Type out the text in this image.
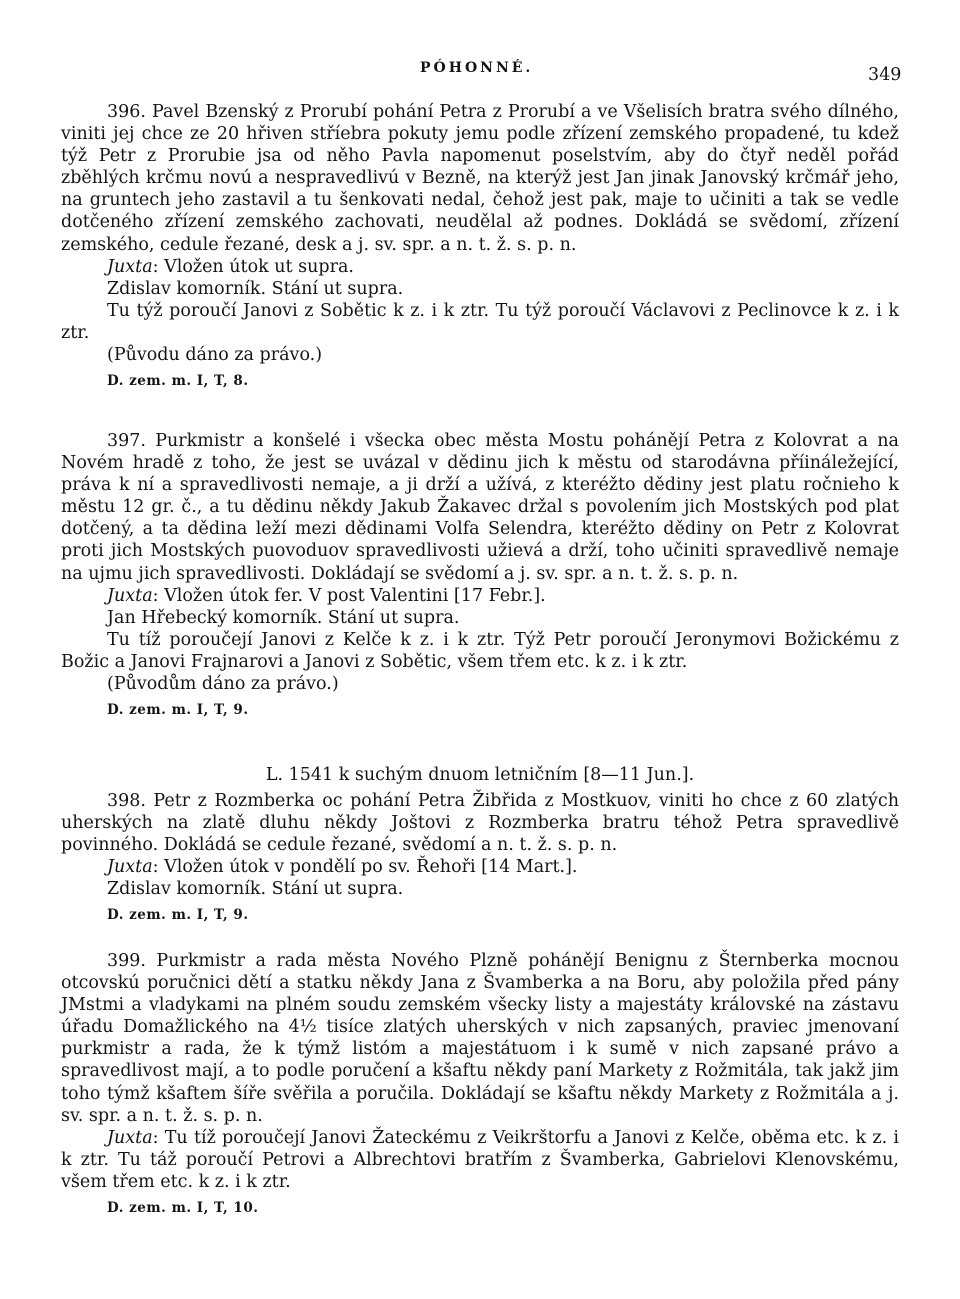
PÓHONNÉ.	349

396. Pavel Bzenský z Prorubí pohání Petra z Prorubí a ve Všelisích bratra svého dílného, viniti jej chce ze 20 hřiven stříebra pokuty jemu podle zřízení zemského propadené, tu kdež týž Petr z Prorubie jsa od něho Pavla napomenut poselstvím, aby do čtyř neděl pořád zběhlých krčmu novú a nespravedlivú v Bezně, na kterýž jest Jan jinak Janovský krčmář jeho, na gruntech jeho zastavil a tu šenkovati nedal, čehož jest pak, maje to učiniti a tak se vedle dotčeného zřízení zemského zachovati, neudělal až podnes. Dokládá se svědomí, zřízení zemského, cedule řezané, desk a j. sv. spr. a n. t. ž. s. p. n.

Juxta: Vložen útok ut supra.

Zdislav komorník. Stání ut supra.

Tu týž poroučí Janovi z Sobětic k z. i k ztr. Tu týž poroučí Václavovi z Peclinovce k z. i k ztr.

(Původu dáno za právo.)

D. zem. m. I, T, 8.

397. Purkmistr a konšelé i všecka obec města Mostu pohánějí Petra z Kolovrat a na Novém hradě z toho, že jest se uvázal v dědinu jich k městu od starodávna příináležející, práva k ní a spravedlivosti nemaje, a ji drží a užívá, z kteréžto dědiny jest platu ročnieho k městu 12 gr. č., a tu dědinu někdy Jakub Žakavec držal s povolením jich Mostských pod plat dotčený, a ta dědina leží mezi dědinami Volfa Selendra, kteréžto dědiny on Petr z Kolovrat proti jich Mostských puovoduov spravedlivosti užievá a drží, toho učiniti spravedlivě nemaje na ujmu jich spravedlivosti. Dokládají se svědomí a j. sv. spr. a n. t. ž. s. p. n.

Juxta: Vložen útok fer. V post Valentini [17 Febr.].

Jan Hřebecký komorník. Stání ut supra.

Tu tíž poroučejí Janovi z Kelče k z. i k ztr. Týž Petr poroučí Jeronymovi Božickému z Božic a Janovi Frajnarovi a Janovi z Sobětic, všem třem etc. k z. i k ztr.

(Původům dáno za právo.)

D. zem. m. I, T, 9.

L. 1541 k suchým dnuom letničním [8—11 Jun.].

398. Petr z Rozmberka oc pohání Petra Žibřida z Mostkuov, viniti ho chce z 60 zlatých uherských na zlatě dluhu někdy Joštovi z Rozmberka bratru téhož Petra spravedlivě povinného. Dokládá se cedule řezané, svědomí a n. t. ž. s. p. n.

Juxta: Vložen útok v pondělí po sv. Řehoři [14 Mart.].

Zdislav komorník. Stání ut supra.

D. zem. m. I, T, 9.

399. Purkmistr a rada města Nového Plzně pohánějí Benignu z Šternberka mocnou otcovskú poručnici dětí a statku někdy Jana z Švamberka a na Boru, aby položila před pány JMstmi a vladykami na plném soudu zemském všecky listy a majestáty královské na zástavu úřadu Domažlického na 4½ tisíce zlatých uherských v nich zapsaných, praviec jmenovaní purkmistr a rada, že k týmž listóm a majestátuom i k sumě v nich zapsané právo a spravedlivost mají, a to podle poručení a kšaftu někdy paní Markety z Rožmitála, tak jakž jim toho týmž kšaftem šíře svěřila a poručila. Dokládají se kšaftu někdy Markety z Rožmitála a j. sv. spr. a n. t. ž. s. p. n.

Juxta: Tu tíž poroučejí Janovi Žateckému z Veikrštorfu a Janovi z Kelče, oběma etc. k z. i k ztr. Tu táž poroučí Petrovi a Albrechtovi bratřím z Švamberka, Gabrielovi Klenovskému, všem třem etc. k z. i k ztr.

D. zem. m. I, T, 10.
